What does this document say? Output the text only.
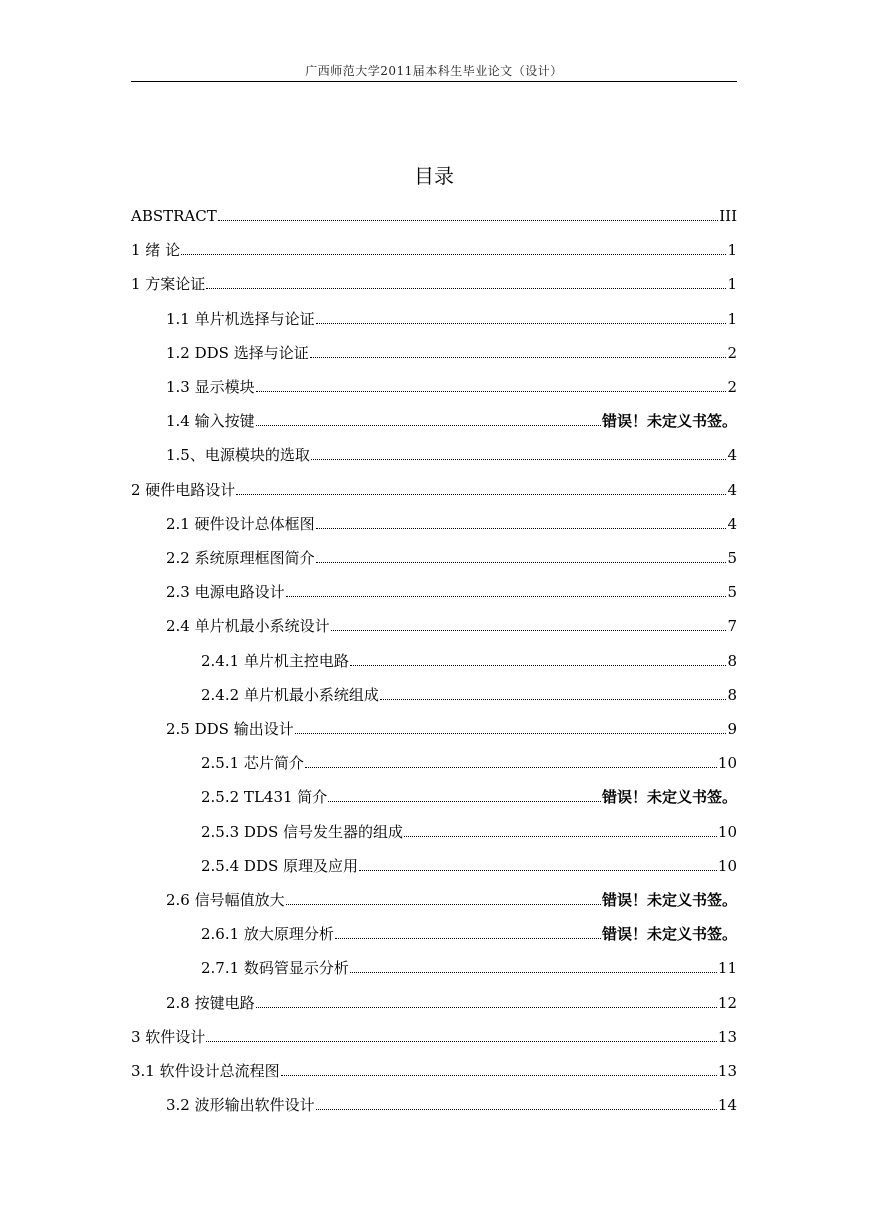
广西师范大学2011届本科生毕业论文（设计）
目录
ABSTRACT	III
1 绪 论	1
1 方案论证	1
1.1 单片机选择与论证	1
1.2 DDS 选择与论证	2
1.3 显示模块	2
1.4 输入按键	错误！未定义书签。
1.5、电源模块的选取	4
2 硬件电路设计	4
2.1 硬件设计总体框图	4
2.2 系统原理框图简介	5
2.3 电源电路设计	5
2.4 单片机最小系统设计	7
2.4.1 单片机主控电路	8
2.4.2 单片机最小系统组成	8
2.5 DDS 输出设计	9
2.5.1 芯片简介	10
2.5.2 TL431 简介	错误！未定义书签。
2.5.3 DDS 信号发生器的组成	10
2.5.4 DDS 原理及应用	10
2.6 信号幅值放大	错误！未定义书签。
2.6.1 放大原理分析	错误！未定义书签。
2.7.1 数码管显示分析	11
2.8 按键电路	12
3 软件设计	13
3.1 软件设计总流程图	13
3.2 波形输出软件设计	14
